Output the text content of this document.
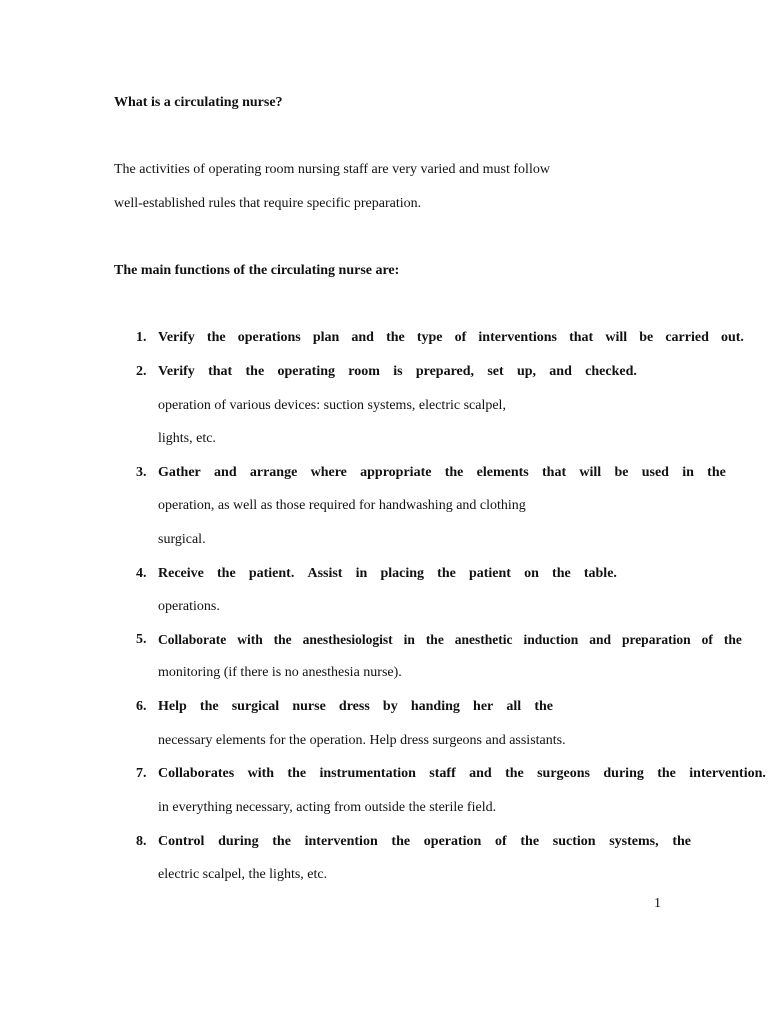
What is a circulating nurse?
The activities of operating room nursing staff are very varied and must follow
well-established rules that require specific preparation.
The main functions of the circulating nurse are:
1. Verify the operations plan and the type of interventions that will be carried out.
2. Verify that the operating room is prepared, set up, and checked.
operation of various devices: suction systems, electric scalpel,
lights, etc.
3. Gather and arrange where appropriate the elements that will be used in the
operation, as well as those required for handwashing and clothing
surgical.
4. Receive the patient. Assist in placing the patient on the table.
operations.
5. Collaborate with the anesthesiologist in the anesthetic induction and preparation of the
monitoring (if there is no anesthesia nurse).
6. Help the surgical nurse dress by handing her all the
necessary elements for the operation. Help dress surgeons and assistants.
7. Collaborates with the instrumentation staff and the surgeons during the intervention.
in everything necessary, acting from outside the sterile field.
8. Control during the intervention the operation of the suction systems, the
electric scalpel, the lights, etc.
1
